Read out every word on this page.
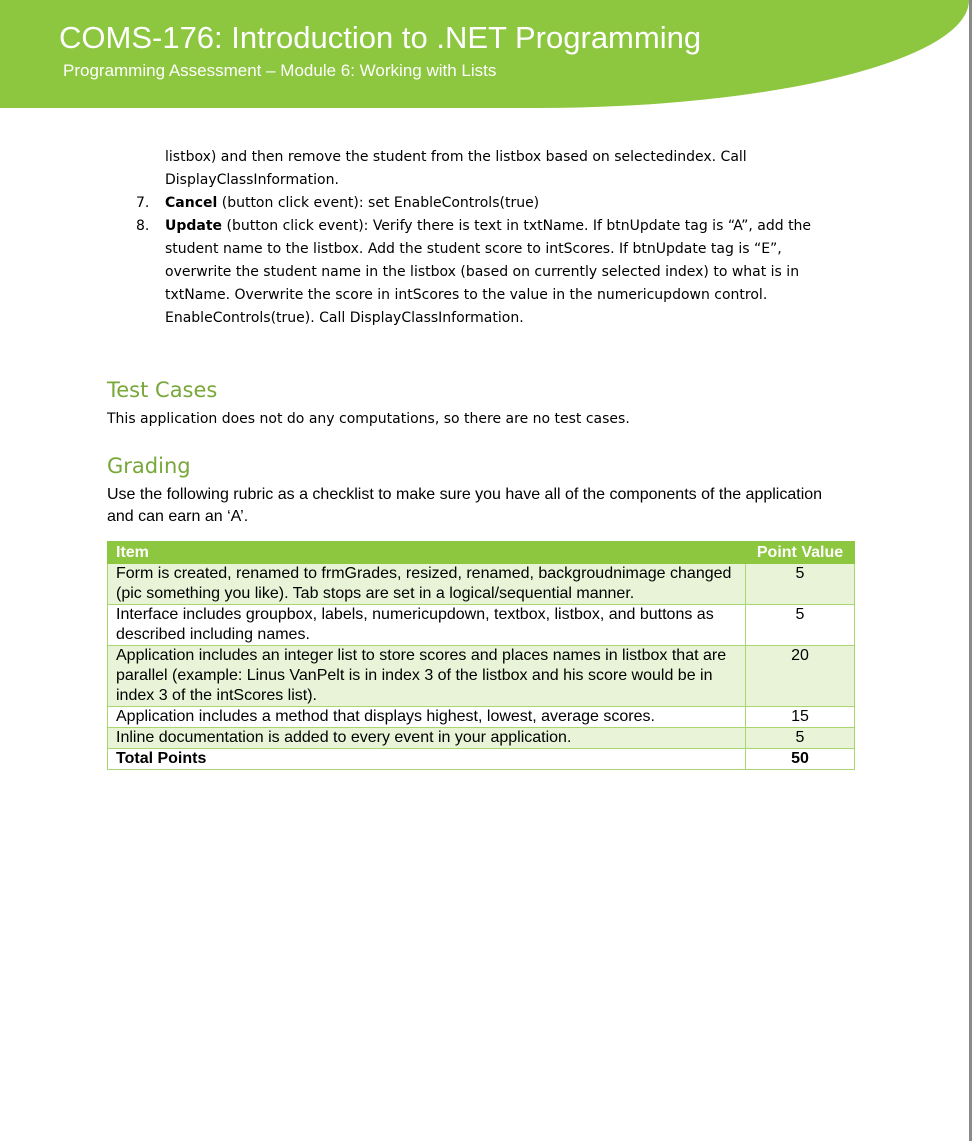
COMS-176: Introduction to .NET Programming
Programming Assessment – Module 6: Working with Lists
listbox) and then remove the student from the listbox based on selectedindex. Call DisplayClassInformation.
7. Cancel (button click event): set EnableControls(true)
8. Update (button click event): Verify there is text in txtName. If btnUpdate tag is “A”, add the student name to the listbox. Add the student score to intScores. If btnUpdate tag is “E”, overwrite the student name in the listbox (based on currently selected index) to what is in txtName. Overwrite the score in intScores to the value in the numericupdown control. EnableControls(true). Call DisplayClassInformation.
Test Cases
This application does not do any computations, so there are no test cases.
Grading
Use the following rubric as a checklist to make sure you have all of the components of the application and can earn an ‘A’.
Item	Point Value
Form is created, renamed to frmGrades, resized, renamed, backgroudnimage changed (pic something you like). Tab stops are set in a logical/sequential manner.	5
Interface includes groupbox, labels, numericupdown, textbox, listbox, and buttons as described including names.	5
Application includes an integer list to store scores and places names in listbox that are parallel (example: Linus VanPelt is in index 3 of the listbox and his score would be in index 3 of the intScores list).	20
Application includes a method that displays highest, lowest, average scores.	15
Inline documentation is added to every event in your application.	5
Total Points	50
